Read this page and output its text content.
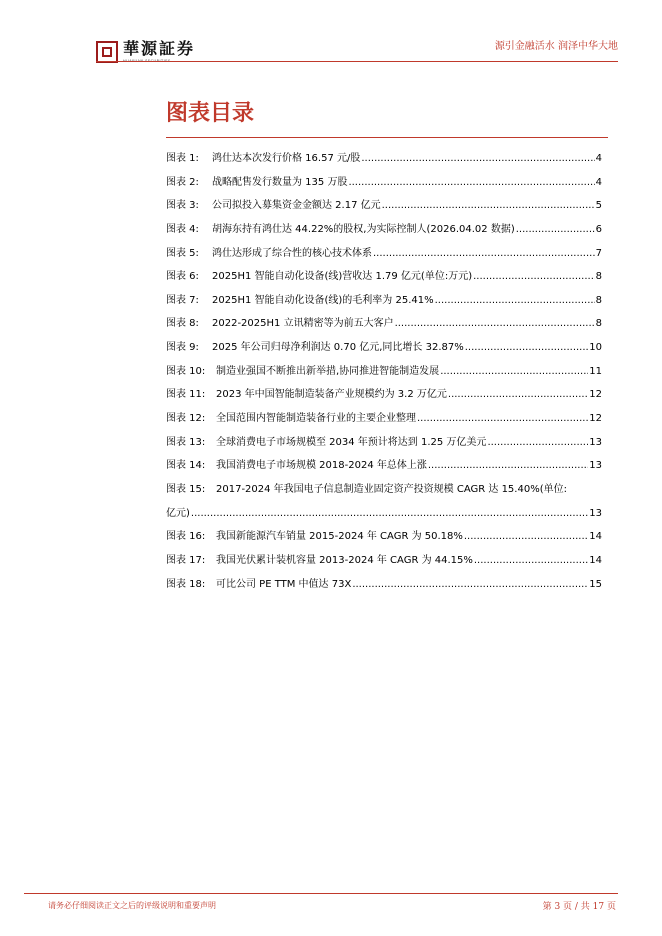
華源証券
HUAYUAN SECURITIES
源引金融活水 润泽中华大地
图表目录
图表 1:	鸿仕达本次发行价格 16.57 元/股 .....	4
图表 2:	战略配售发行数量为 135 万股 .....	4
图表 3:	公司拟投入募集资金金额达 2.17 亿元 .....	5
图表 4:	胡海东持有鸿仕达 44.22%的股权,为实际控制人(2026.04.02 数据) .....	6
图表 5:	鸿仕达形成了综合性的核心技术体系 .....	7
图表 6:	2025H1 智能自动化设备(线)营收达 1.79 亿元(单位:万元) .....	8
图表 7:	2025H1 智能自动化设备(线)的毛利率为 25.41% .....	8
图表 8:	2022-2025H1 立讯精密等为前五大客户 .....	8
图表 9:	2025 年公司归母净利润达 0.70 亿元,同比增长 32.87% .....	10
图表 10:	制造业强国不断推出新举措,协同推进智能制造发展 .....	11
图表 11:	2023 年中国智能制造装备产业规模约为 3.2 万亿元 .....	12
图表 12:	全国范围内智能制造装备行业的主要企业整理 .....	12
图表 13:	全球消费电子市场规模至 2034 年预计将达到 1.25 万亿美元 .....	13
图表 14:	我国消费电子市场规模 2018-2024 年总体上涨 .....	13
图表 15:	2017-2024 年我国电子信息制造业固定资产投资规模 CAGR 达 15.40%(单位:
亿元) .....	13
图表 16:	我国新能源汽车销量 2015-2024 年 CAGR 为 50.18% .....	14
图表 17:	我国光伏累计装机容量 2013-2024 年 CAGR 为 44.15% .....	14
图表 18:	可比公司 PE TTM 中值达 73X .....	15
请务必仔细阅读正文之后的评级说明和重要声明	第 3 页 / 共 17 页
